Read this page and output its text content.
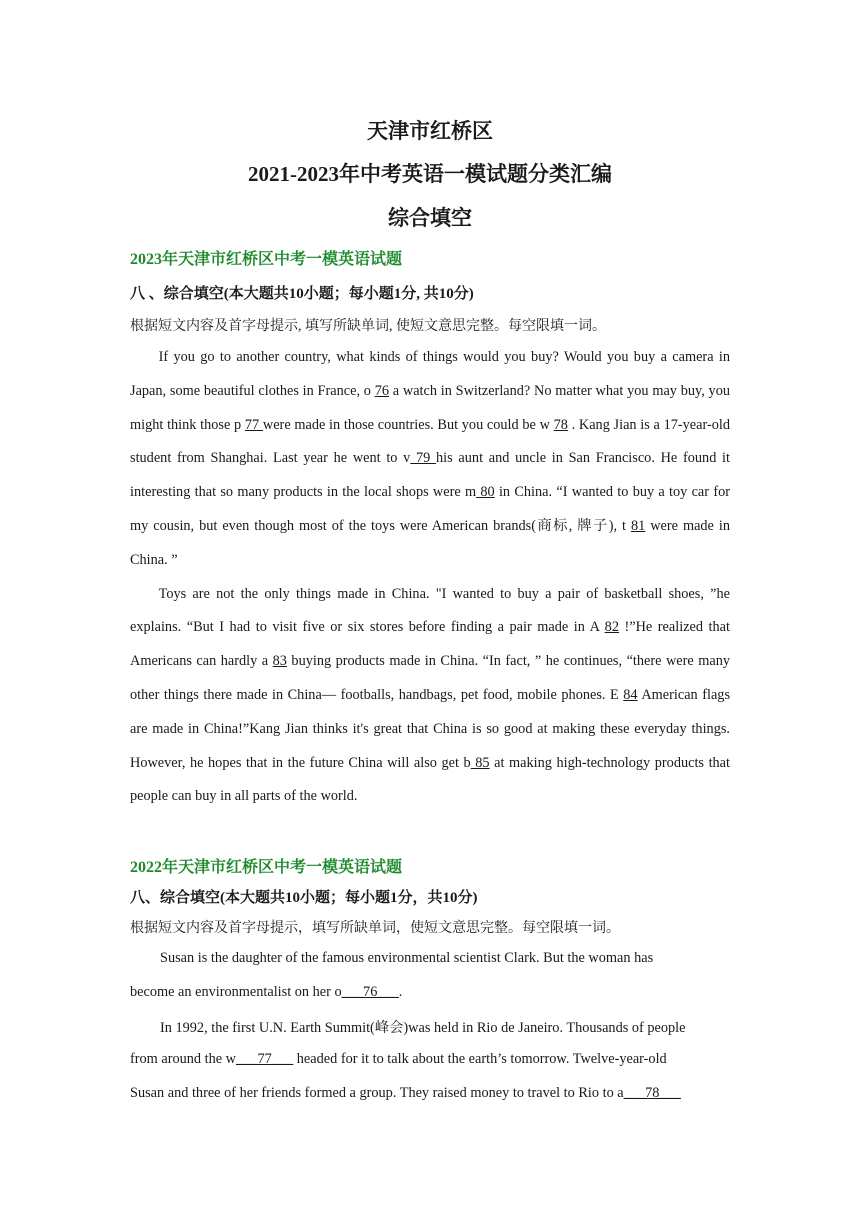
天津市红桥区
2021-2023年中考英语一模试题分类汇编
综合填空
2023年天津市红桥区中考一模英语试题
八 、综合填空(本大题共10小题；每小题1分, 共10分)
根据短文内容及首字母提示, 填写所缺单词, 使短文意思完整。每空限填一词。

If you go to another country, what kinds of things would you buy? Would you buy a camera in Japan, some beautiful clothes in France, o 76 a watch in Switzerland? No matter what you may buy, you might think those p 77 were made in those countries. But you could be w 78 . Kang Jian is a 17-year-old student from Shanghai. Last year he went to v 79 his aunt and uncle in San Francisco. He found it interesting that so many products in the local shops were m 80 in China. “I wanted to buy a toy car for my cousin, but even though most of the toys were American brands(商标, 牌子), t 81 were made in China. ”

Toys are not the only things made in China. "I wanted to buy a pair of basketball shoes, ”he explains. “But I had to visit five or six stores before finding a pair made in A 82 !”He realized that Americans can hardly a 83 buying products made in China. “In fact, ” he continues, “there were many other things there made in China— footballs, handbags, pet food, mobile phones. E 84 American flags are made in China!”Kang Jian thinks it's great that China is so good at making these everyday things. However, he hopes that in the future China will also get b 85 at making high-technology products that people can buy in all parts of the world.

2022年天津市红桥区中考一模英语试题
八、综合填空(本大题共10小题；每小题1分，共10分)
根据短文内容及首字母提示，填写所缺单词，使短文意思完整。每空限填一词。
Susan is the daughter of the famous environmental scientist Clark. But the woman has
become an environmentalist on her o___76___.
In 1992, the first U.N. Earth Summit(峰会)was held in Rio de Janeiro. Thousands of people
from around the w___77___ headed for it to talk about the earth’s tomorrow. Twelve-year-old
Susan and three of her friends formed a group. They raised money to travel to Rio to a___78___
